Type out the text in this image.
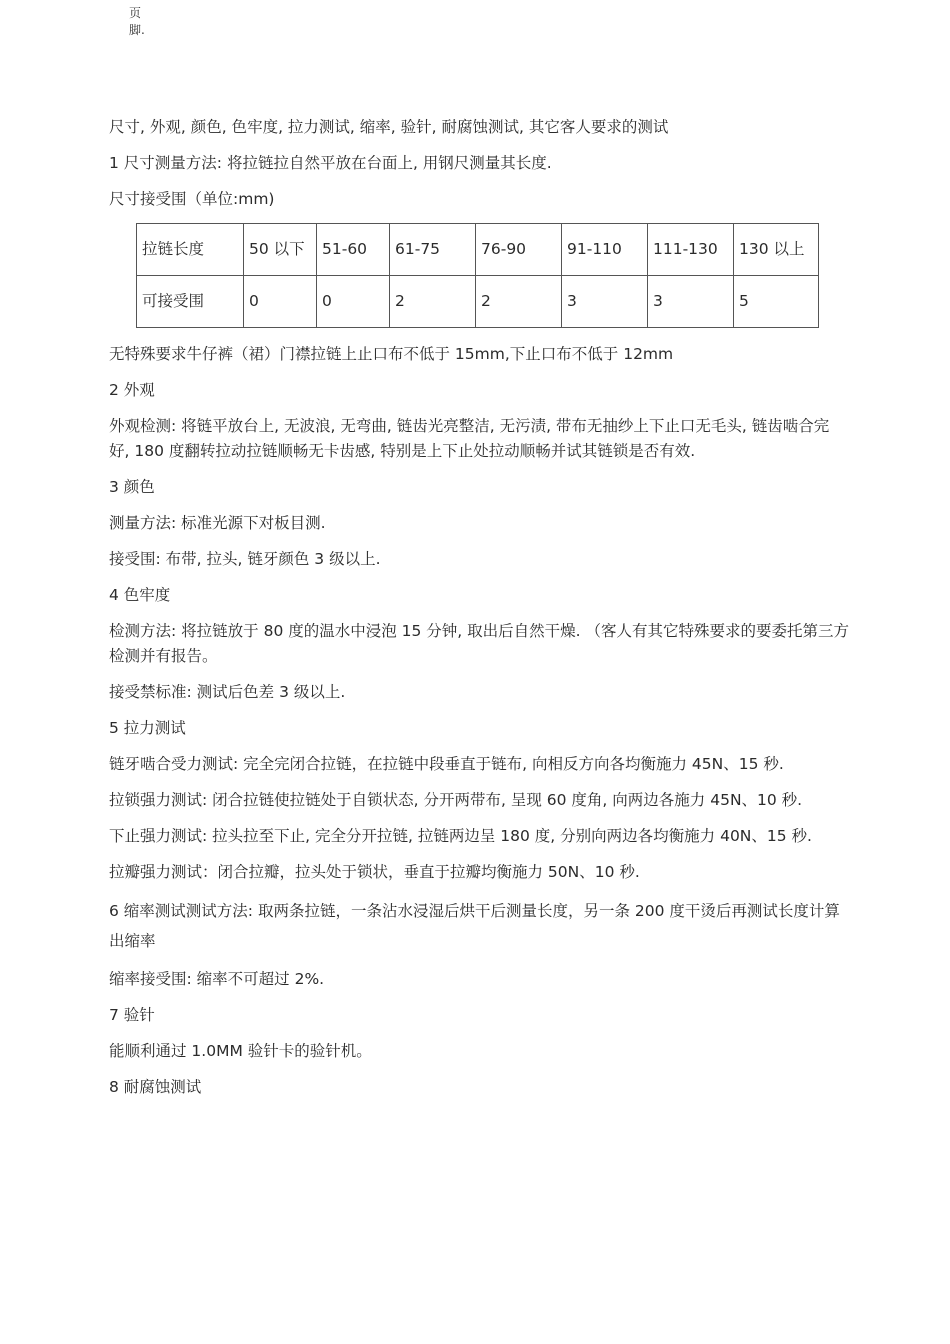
页
脚.

尺寸, 外观, 颜色, 色牢度, 拉力测试, 缩率, 验针, 耐腐蚀测试, 其它客人要求的测试

1 尺寸测量方法: 将拉链拉自然平放在台面上, 用钢尺测量其长度.

尺寸接受围（单位:mm)

拉链长度	50 以下	51-60	61-75	76-90	91-110	111-130	130 以上
可接受围	0	0	2	2	3	3	5

无特殊要求牛仔裤（裙）门襟拉链上止口布不低于 15mm,下止口布不低于 12mm

2 外观

外观检测: 将链平放台上, 无波浪, 无弯曲, 链齿光亮整洁, 无污渍, 带布无抽纱上下止口无毛头, 链齿啮合完好, 180 度翻转拉动拉链顺畅无卡齿感, 特别是上下止处拉动顺畅并试其链锁是否有效.

3 颜色

测量方法: 标准光源下对板目测.

接受围: 布带, 拉头, 链牙颜色 3 级以上.

4 色牢度

检测方法: 将拉链放于 80 度的温水中浸泡 15 分钟, 取出后自然干燥. （客人有其它特殊要求的要委托第三方检测并有报告。

接受禁标准: 测试后色差 3 级以上.

5 拉力测试

链牙啮合受力测试: 完全完闭合拉链，在拉链中段垂直于链布, 向相反方向各均衡施力 45N、15 秒.

拉锁强力测试: 闭合拉链使拉链处于自锁状态, 分开两带布, 呈现 60 度角, 向两边各施力 45N、10 秒.

下止强力测试: 拉头拉至下止, 完全分开拉链, 拉链两边呈 180 度, 分别向两边各均衡施力 40N、15 秒.

拉瓣强力测试：闭合拉瓣，拉头处于锁状，垂直于拉瓣均衡施力 50N、10 秒.

6 缩率测试测试方法: 取两条拉链，一条沾水浸湿后烘干后测量长度，另一条 200 度干烫后再测试长度计算出缩率

缩率接受围: 缩率不可超过 2%.

7 验针

能顺利通过 1.0MM 验针卡的验针机。

8 耐腐蚀测试
